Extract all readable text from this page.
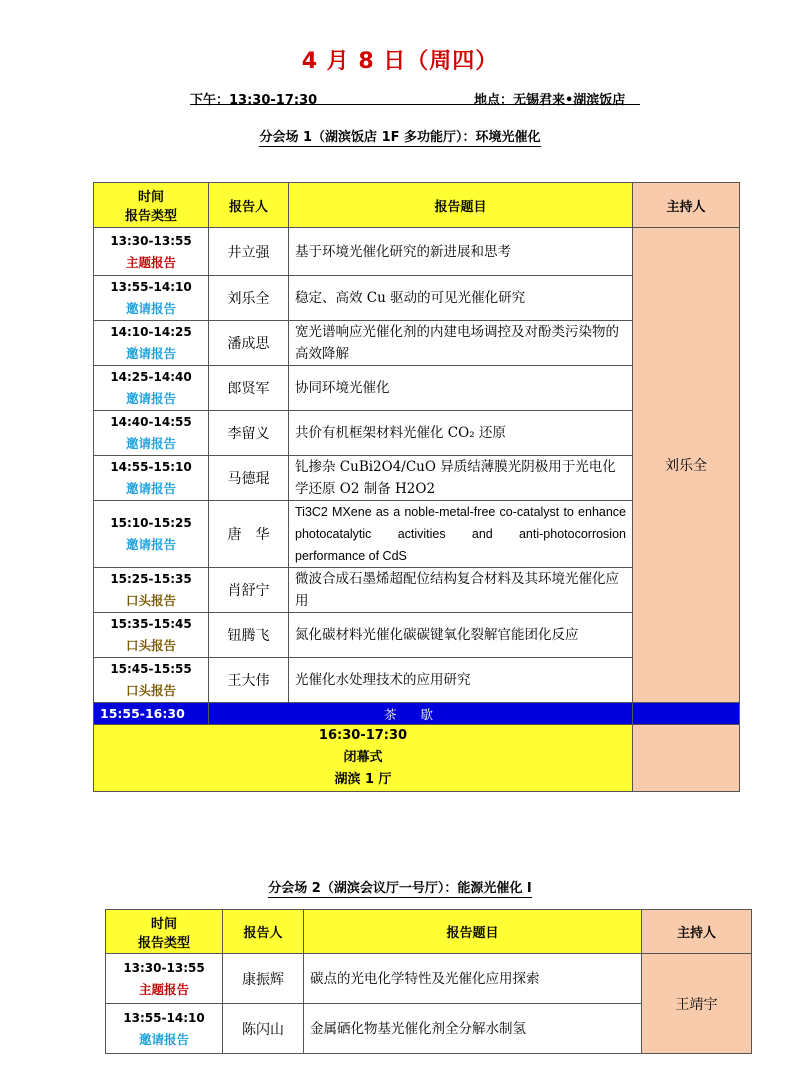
4 月 8 日（周四）
下午：13:30-17:30	地点：无锡君来•湖滨饭店
分会场 1（湖滨饭店 1F 多功能厅）：环境光催化
时间
报告类型	报告人	报告题目	主持人
13:30-13:55
主题报告	井立强	基于环境光催化研究的新进展和思考	刘乐全
13:55-14:10
邀请报告	刘乐全	稳定、高效 Cu 驱动的可见光催化研究	
14:10-14:25
邀请报告	潘成思	宽光谱响应光催化剂的内建电场调控及对酚类污染物的高效降解	
14:25-14:40
邀请报告	郎贤军	协同环境光催化	
14:40-14:55
邀请报告	李留义	共价有机框架材料光催化 CO₂ 还原	
14:55-15:10
邀请报告	马德琨	钆掺杂 CuBi2O4/CuO 异质结薄膜光阴极用于光电化学还原 O2 制备 H2O2	
15:10-15:25
邀请报告	唐　华	Ti3C2 MXene as a noble-metal-free co-catalyst to enhance photocatalytic activities and anti-photocorrosion performance of CdS	
15:25-15:35
口头报告	肖舒宁	微波合成石墨烯超配位结构复合材料及其环境光催化应用	
15:35-15:45
口头报告	钮腾飞	氮化碳材料光催化碳碳键氧化裂解官能团化反应	
15:45-15:55
口头报告	王大伟	光催化水处理技术的应用研究	
15:55-16:30	茶歇		

16:30-17:30
闭幕式
湖滨 1 厅			

分会场 2（湖滨会议厅一号厅）：能源光催化 I
时间
报告类型	报告人	报告题目	主持人
13:30-13:55
主题报告	康振辉	碳点的光电化学特性及光催化应用探索	王靖宇
13:55-14:10
邀请报告	陈闪山	金属硒化物基光催化剂全分解水制氢	
